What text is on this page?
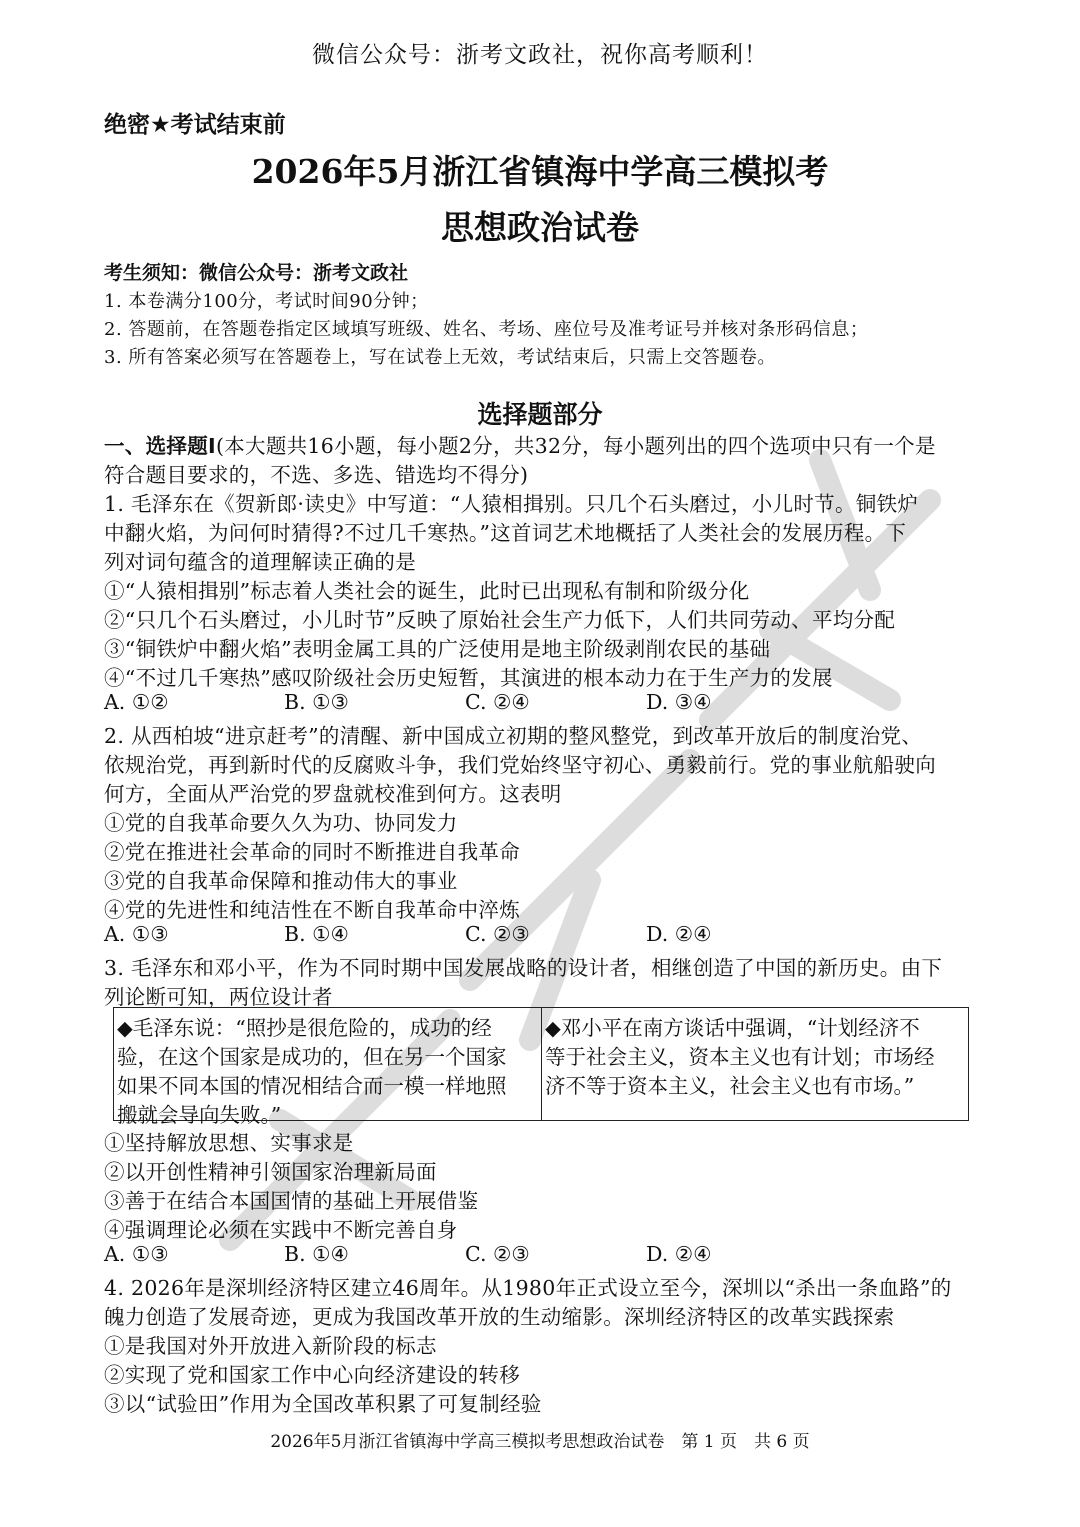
微信公众号：浙考文政社，祝你高考顺利！

绝密★考试结束前

2026年5月浙江省镇海中学高三模拟考

思想政治试卷

考生须知：微信公众号：浙考文政社

1. 本卷满分100分，考试时间90分钟；

2. 答题前，在答题卷指定区域填写班级、姓名、考场、座位号及准考证号并核对条形码信息；

3. 所有答案必须写在答题卷上，写在试卷上无效，考试结束后，只需上交答题卷。

选择题部分

一、选择题Ⅰ(本大题共16小题，每小题2分，共32分，每小题列出的四个选项中只有一个是

符合题目要求的，不选、多选、错选均不得分)

1. 毛泽东在《贺新郎·读史》中写道：“人猿相揖别。只几个石头磨过，小儿时节。铜铁炉

中翻火焰，为问何时猜得?不过几千寒热。”这首词艺术地概括了人类社会的发展历程。下

列对词句蕴含的道理解读正确的是

①“人猿相揖别”标志着人类社会的诞生，此时已出现私有制和阶级分化

②“只几个石头磨过，小儿时节”反映了原始社会生产力低下，人们共同劳动、平均分配

③“铜铁炉中翻火焰”表明金属工具的广泛使用是地主阶级剥削农民的基础

④“不过几千寒热”感叹阶级社会历史短暂，其演进的根本动力在于生产力的发展

A. ①②	B. ①③	C. ②④	D. ③④

2. 从西柏坡“进京赶考”的清醒、新中国成立初期的整风整党，到改革开放后的制度治党、

依规治党，再到新时代的反腐败斗争，我们党始终坚守初心、勇毅前行。党的事业航船驶向

何方，全面从严治党的罗盘就校准到何方。这表明

①党的自我革命要久久为功、协同发力

②党在推进社会革命的同时不断推进自我革命

③党的自我革命保障和推动伟大的事业

④党的先进性和纯洁性在不断自我革命中淬炼

A. ①③	B. ①④	C. ②③	D. ②④

3. 毛泽东和邓小平，作为不同时期中国发展战略的设计者，相继创造了中国的新历史。由下

列论断可知，两位设计者

◆毛泽东说：“照抄是很危险的，成功的经
验，在这个国家是成功的，但在另一个国家
如果不同本国的情况相结合而一模一样地照
搬就会导向失败。”
◆邓小平在南方谈话中强调，“计划经济不
等于社会主义，资本主义也有计划；市场经
济不等于资本主义，社会主义也有市场。”

①坚持解放思想、实事求是

②以开创性精神引领国家治理新局面

③善于在结合本国国情的基础上开展借鉴

④强调理论必须在实践中不断完善自身

A. ①③	B. ①④	C. ②③	D. ②④

4. 2026年是深圳经济特区建立46周年。从1980年正式设立至今，深圳以“杀出一条血路”的

魄力创造了发展奇迹，更成为我国改革开放的生动缩影。深圳经济特区的改革实践探索

①是我国对外开放进入新阶段的标志

②实现了党和国家工作中心向经济建设的转移

③以“试验田”作用为全国改革积累了可复制经验

2026年5月浙江省镇海中学高三模拟考思想政治试卷　第 1 页　共 6 页
